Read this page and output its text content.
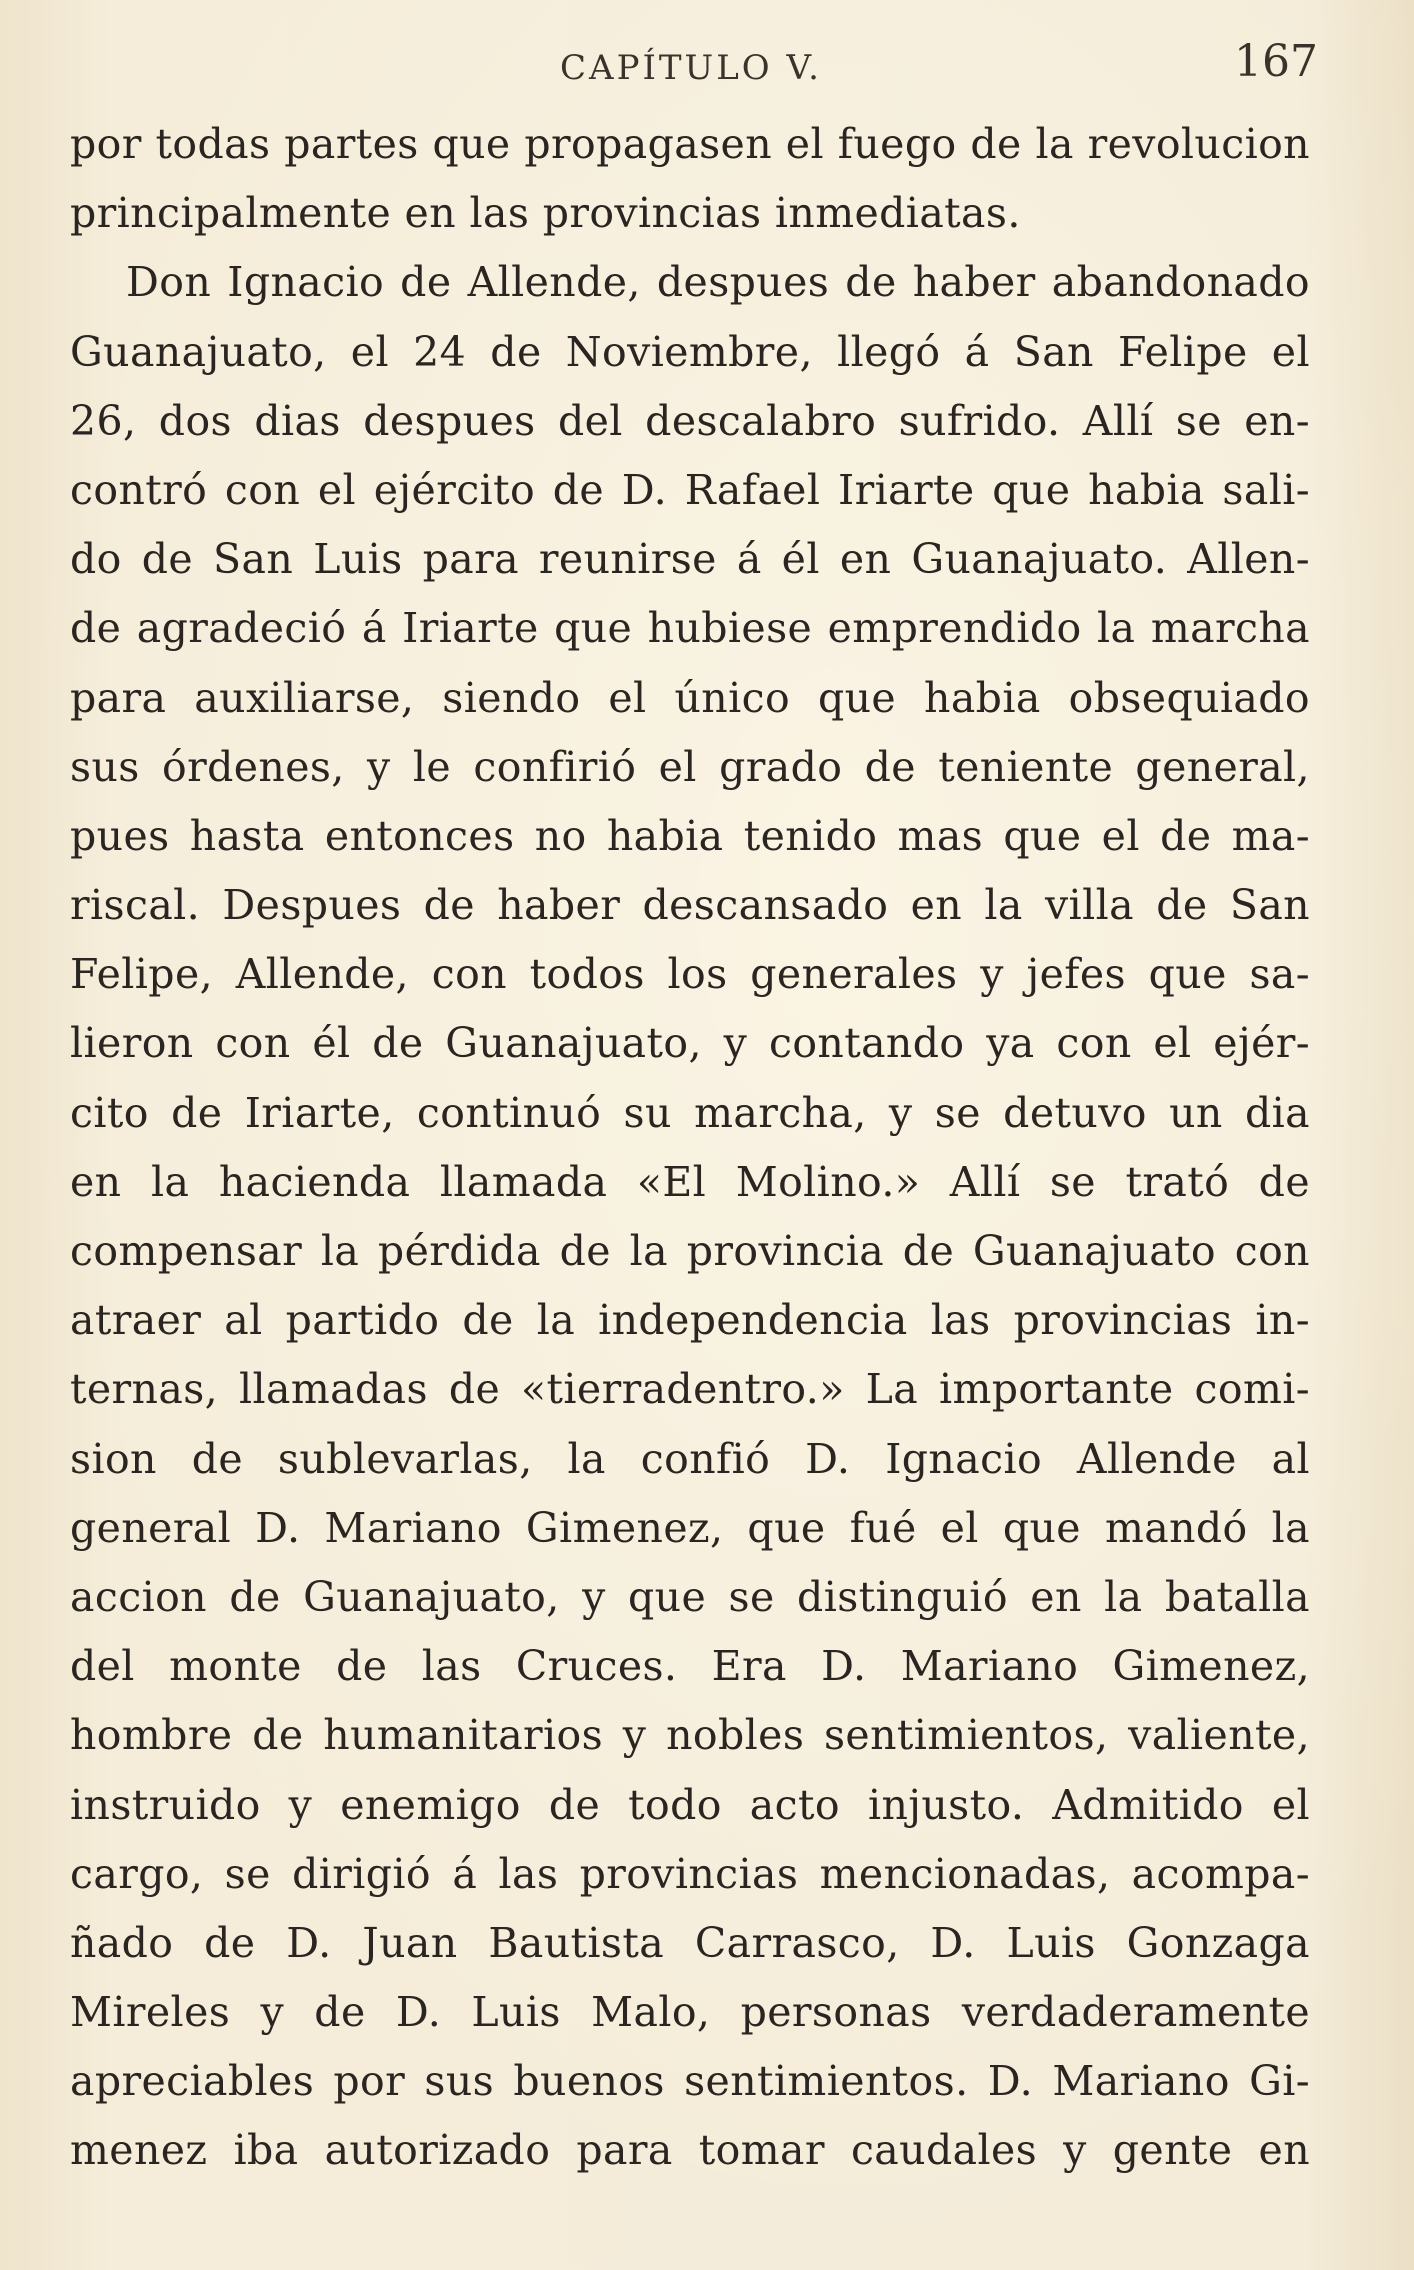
CAPÍTULO V.	167
por todas partes que propagasen el fuego de la revolucion
principalmente en las provincias inmediatas.
Don Ignacio de Allende, despues de haber abandonado
Guanajuato, el 24 de Noviembre, llegó á San Felipe el
26, dos dias despues del descalabro sufrido. Allí se en-
contró con el ejército de D. Rafael Iriarte que habia sali-
do de San Luis para reunirse á él en Guanajuato. Allen-
de agradeció á Iriarte que hubiese emprendido la marcha
para auxiliarse, siendo el único que habia obsequiado
sus órdenes, y le confirió el grado de teniente general,
pues hasta entonces no habia tenido mas que el de ma-
riscal. Despues de haber descansado en la villa de San
Felipe, Allende, con todos los generales y jefes que sa-
lieron con él de Guanajuato, y contando ya con el ejér-
cito de Iriarte, continuó su marcha, y se detuvo un dia
en la hacienda llamada «El Molino.» Allí se trató de
compensar la pérdida de la provincia de Guanajuato con
atraer al partido de la independencia las provincias in-
ternas, llamadas de «tierradentro.» La importante comi-
sion de sublevarlas, la confió D. Ignacio Allende al
general D. Mariano Gimenez, que fué el que mandó la
accion de Guanajuato, y que se distinguió en la batalla
del monte de las Cruces. Era D. Mariano Gimenez,
hombre de humanitarios y nobles sentimientos, valiente,
instruido y enemigo de todo acto injusto. Admitido el
cargo, se dirigió á las provincias mencionadas, acompa-
ñado de D. Juan Bautista Carrasco, D. Luis Gonzaga
Mireles y de D. Luis Malo, personas verdaderamente
apreciables por sus buenos sentimientos. D. Mariano Gi-
menez iba autorizado para tomar caudales y gente en
